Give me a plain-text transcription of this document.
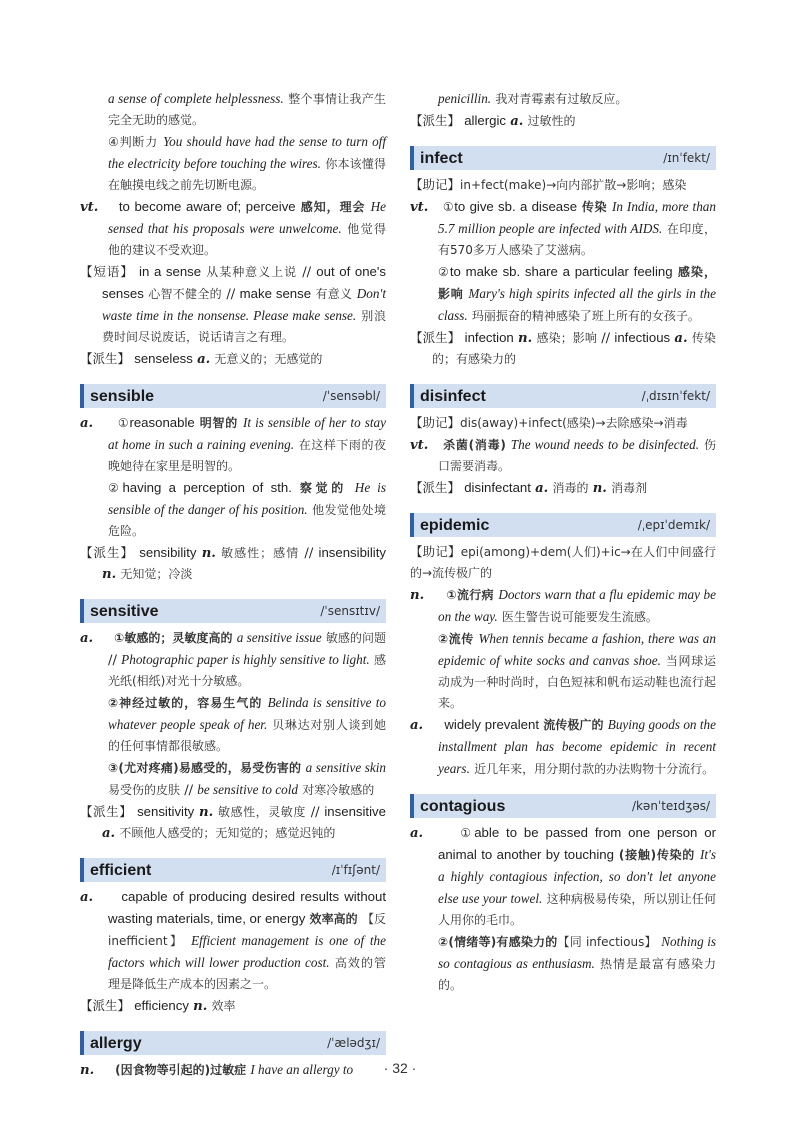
a sense of complete helplessness. 整个事情让我产生完全无助的感觉。

④判断力 You should have had the sense to turn off the electricity before touching the wires. 你本该懂得在触摸电线之前先切断电源。

vt. to become aware of; perceive 感知，理会 He sensed that his proposals were unwelcome. 他觉得他的建议不受欢迎。

【短语】 in a sense 从某种意义上说 // out of one's senses 心智不健全的 // make sense 有意义 Don't waste time in the nonsense. Please make sense. 别浪费时间尽说废话，说话请言之有理。

【派生】 senseless a. 无意义的；无感觉的

sensible	/ˈsensəbl/

a. ①reasonable 明智的 It is sensible of her to stay at home in such a raining evening. 在这样下雨的夜晚她待在家里是明智的。

②having a perception of sth. 察觉的 He is sensible of the danger of his position. 他发觉他处境危险。

【派生】 sensibility n. 敏感性；感情 // insensibility n. 无知觉；冷淡

sensitive	/ˈsensɪtɪv/

a. ①敏感的；灵敏度高的 a sensitive issue 敏感的问题 // Photographic paper is highly sensitive to light. 感光纸(相纸)对光十分敏感。

②神经过敏的，容易生气的 Belinda is sensitive to whatever people speak of her. 贝琳达对别人谈到她的任何事情都很敏感。

③(尤对疼痛)易感受的，易受伤害的 a sensitive skin 易受伤的皮肤 // be sensitive to cold 对寒冷敏感的

【派生】 sensitivity n. 敏感性，灵敏度 // insensitive a. 不顾他人感受的；无知觉的；感觉迟钝的

efficient	/ɪˈfɪʃənt/

a. capable of producing desired results without wasting materials, time, or energy 效率高的 【反 inefficient】 Efficient management is one of the factors which will lower production cost. 高效的管理是降低生产成本的因素之一。

【派生】 efficiency n. 效率

allergy	/ˈælədʒɪ/

n. (因食物等引起的)过敏症 I have an allergy to

penicillin. 我对青霉素有过敏反应。

【派生】 allergic a. 过敏性的

infect	/ɪnˈfekt/

【助记】in+fect(make)→向内部扩散→影响；感染

vt. ①to give sb. a disease 传染 In India, more than 5.7 million people are infected with AIDS. 在印度，有570多万人感染了艾滋病。

②to make sb. share a particular feeling 感染，影响 Mary's high spirits infected all the girls in the class. 玛丽振奋的精神感染了班上所有的女孩子。

【派生】 infection n. 感染；影响 // infectious a. 传染的；有感染力的

disinfect	/ˌdɪsɪnˈfekt/

【助记】dis(away)+infect(感染)→去除感染→消毒

vt. 杀菌(消毒) The wound needs to be disinfected. 伤口需要消毒。

【派生】 disinfectant a. 消毒的 n. 消毒剂

epidemic	/ˌepɪˈdemɪk/

【助记】epi(among)+dem(人们)+ic→在人们中间盛行的→流传极广的

n. ①流行病 Doctors warn that a flu epidemic may be on the way. 医生警告说可能要发生流感。

②流传 When tennis became a fashion, there was an epidemic of white socks and canvas shoe. 当网球运动成为一种时尚时，白色短袜和帆布运动鞋也流行起来。

a. widely prevalent 流传极广的 Buying goods on the installment plan has become epidemic in recent years. 近几年来，用分期付款的办法购物十分流行。

contagious	/kənˈteɪdʒəs/

a.	①able to be passed from one person or animal to another by touching (接触)传染的 It's a highly contagious infection, so don't let anyone else use your towel. 这种病极易传染，所以别让任何人用你的毛巾。

②(情绪等)有感染力的【同 infectious】 Nothing is so contagious as enthusiasm. 热情是最富有感染力的。

· 32 ·
